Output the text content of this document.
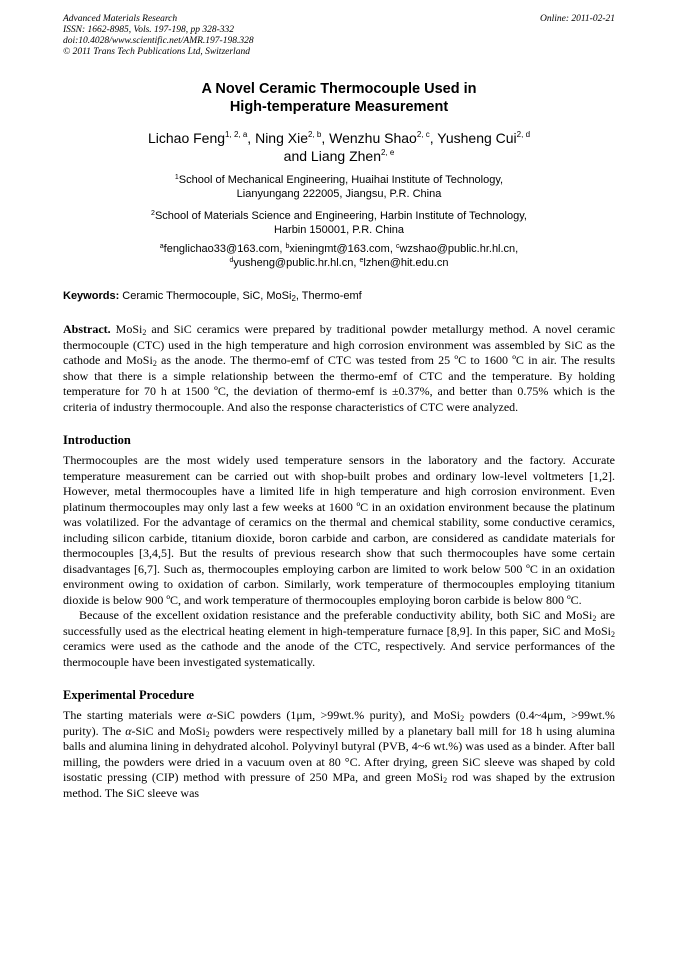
Advanced Materials Research
ISSN: 1662-8985, Vols. 197-198, pp 328-332
doi:10.4028/www.scientific.net/AMR.197-198.328
© 2011 Trans Tech Publications Ltd, Switzerland
Online: 2011-02-21
A Novel Ceramic Thermocouple Used in
High-temperature Measurement
Lichao Feng$^{1, 2, a}$, Ning Xie$^{2, b}$, Wenzhu Shao$^{2, c}$, Yusheng Cui$^{2, d}$
and Liang Zhen$^{2, e}$
$^1$School of Mechanical Engineering, Huaihai Institute of Technology,
Lianyungang 222005, Jiangsu, P.R. China
$^2$School of Materials Science and Engineering, Harbin Institute of Technology,
Harbin 150001, P.R. China
$^a$fenglichao33@163.com, $^b$xieningmt@163.com, $^c$wzshao@public.hr.hl.cn,
$^d$yusheng@public.hr.hl.cn, $^e$lzhen@hit.edu.cn
Keywords: Ceramic Thermocouple, SiC, MoSi$_2$, Thermo-emf

Abstract. MoSi$_2$ and SiC ceramics were prepared by traditional powder metallurgy method. A novel ceramic thermocouple (CTC) used in the high temperature and high corrosion environment was assembled by SiC as the cathode and MoSi$_2$ as the anode. The thermo-emf of CTC was tested from 25 ºC to 1600 ºC in air. The results show that there is a simple relationship between the thermo-emf of CTC and the temperature. By holding temperature for 70 h at 1500 ºC, the deviation of thermo-emf is ±0.37%, and better than 0.75% which is the criteria of industry thermocouple. And also the response characteristics of CTC were analyzed.

Introduction

Thermocouples are the most widely used temperature sensors in the laboratory and the factory. Accurate temperature measurement can be carried out with shop-built probes and ordinary low-level voltmeters [1,2]. However, metal thermocouples have a limited life in high temperature and high corrosion environment. Even platinum thermocouples may only last a few weeks at 1600 ºC in an oxidation environment because the platinum was volatilized. For the advantage of ceramics on the thermal and chemical stability, some conductive ceramics, including silicon carbide, titanium dioxide, boron carbide and carbon, are considered as candidate materials for thermocouples [3,4,5]. But the results of previous research show that such thermocouples have some certain disadvantages [6,7]. Such as, thermocouples employing carbon are limited to work below 500 ºC in an oxidation environment owing to oxidation of carbon. Similarly, work temperature of thermocouples employing titanium dioxide is below 900 ºC, and work temperature of thermocouples employing boron carbide is below 800 ºC.

Because of the excellent oxidation resistance and the preferable conductivity ability, both SiC and MoSi$_2$ are successfully used as the electrical heating element in high-temperature furnace [8,9]. In this paper, SiC and MoSi$_2$ ceramics were used as the cathode and the anode of the CTC, respectively. And service performances of the thermocouple have been investigated systematically.

Experimental Procedure

The starting materials were α-SiC powders (1μm, >99wt.% purity), and MoSi$_2$ powders (0.4~4μm, >99wt.% purity). The α-SiC and MoSi$_2$ powders were respectively milled by a planetary ball mill for 18 h using alumina balls and alumina lining in dehydrated alcohol. Polyvinyl butyral (PVB, 4~6 wt.%) was used as a binder. After ball milling, the powders were dried in a vacuum oven at 80 °C. After drying, green SiC sleeve was shaped by cold isostatic pressing (CIP) method with pressure of 250 MPa, and green MoSi$_2$ rod was shaped by the extrusion method. The SiC sleeve was
